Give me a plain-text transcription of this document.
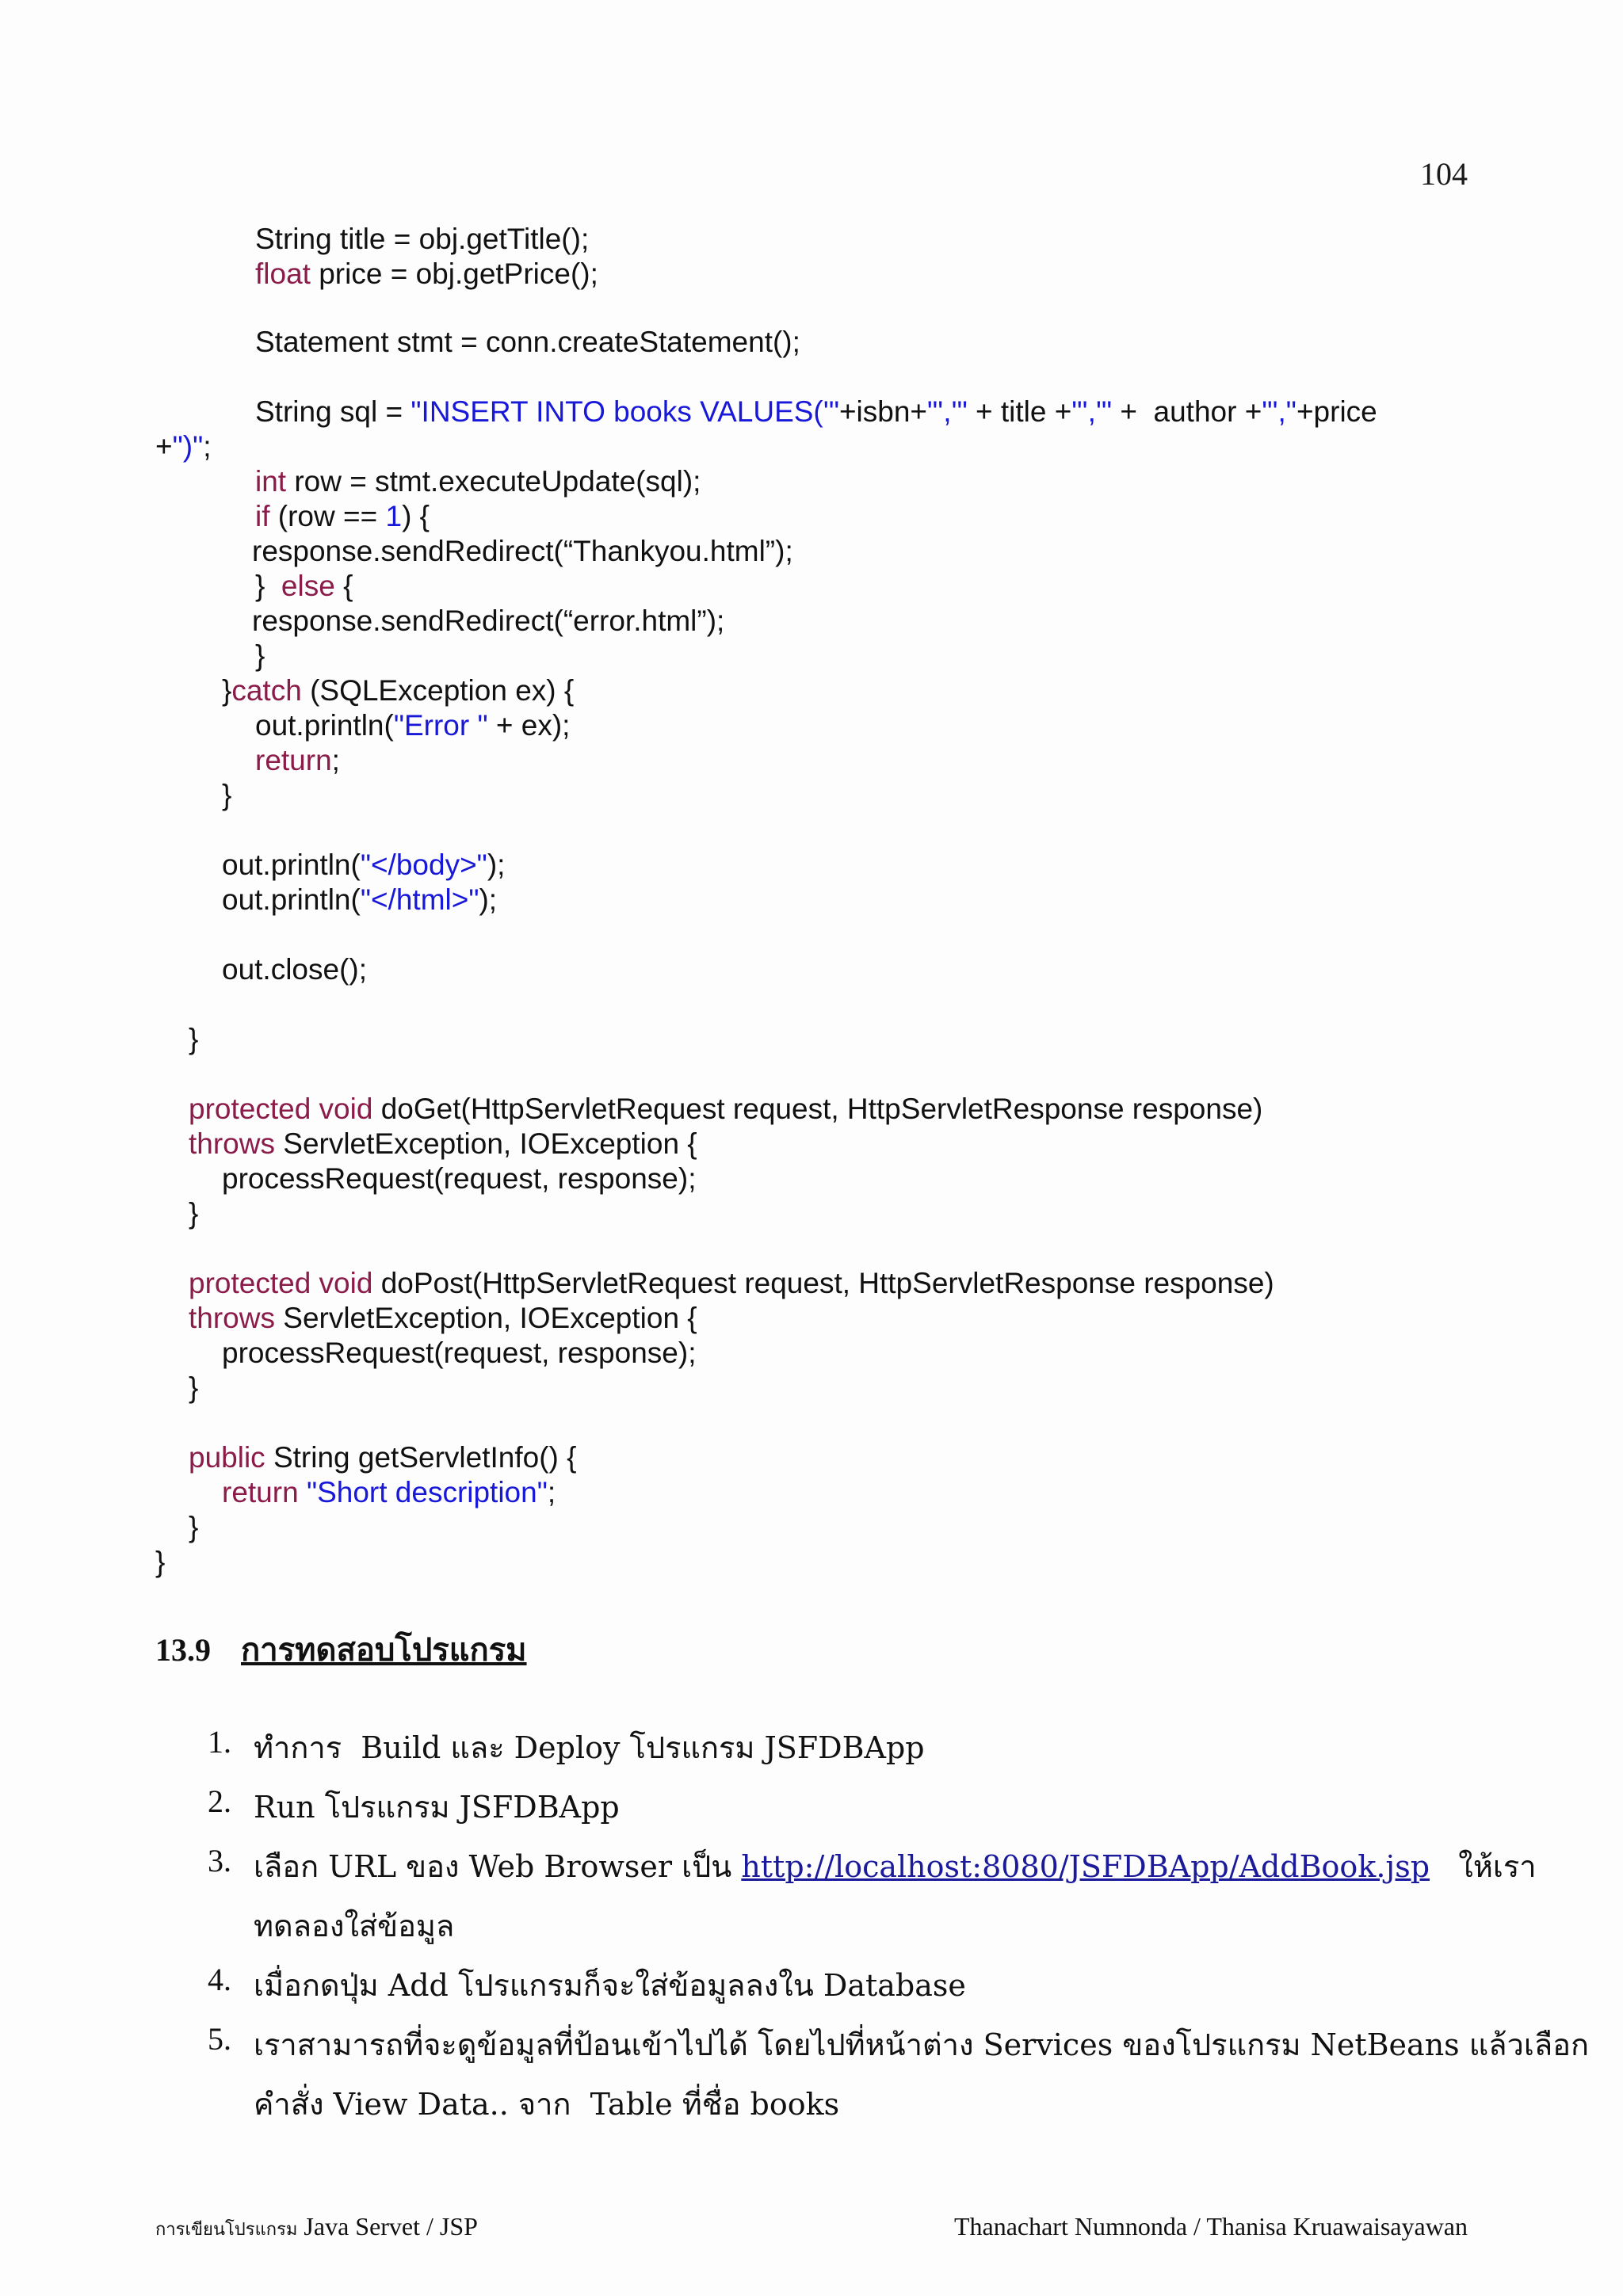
104
String title = obj.getTitle();
float price = obj.getPrice();
Statement stmt = conn.createStatement();
String sql = "INSERT INTO books VALUES('"+isbn+"','" + title +"','" +  author +"',"+price
+")";
int row = stmt.executeUpdate(sql);
if (row == 1) {
response.sendRedirect(“Thankyou.html”);
}  else {
response.sendRedirect(“error.html”);
}
}catch (SQLException ex) {
out.println("Error " + ex);
return;
}
out.println("</body>");
out.println("</html>");
out.close();
}
protected void doGet(HttpServletRequest request, HttpServletResponse response)
throws ServletException, IOException {
processRequest(request, response);
}
protected void doPost(HttpServletRequest request, HttpServletResponse response)
throws ServletException, IOException {
processRequest(request, response);
}
public String getServletInfo() {
return "Short description";
}
}
13.9 การทดสอบโปรแกรม
1. ทำการ  Build และ Deploy โปรแกรม JSFDBApp
2. Run โปรแกรม JSFDBApp
3. เลือก URL ของ Web Browser เป็น http://localhost:8080/JSFDBApp/AddBook.jsp   ให้เรา
ทดลองใส่ข้อมูล
4. เมื่อกดปุ่ม Add โปรแกรมก็จะใส่ข้อมูลลงใน Database
5. เราสามารถที่จะดูข้อมูลที่ป้อนเข้าไปได้ โดยไปที่หน้าต่าง Services ของโปรแกรม NetBeans แล้วเลือก
คำสั่ง View Data.. จาก  Table ที่ชื่อ books
การเขียนโปรแกรม Java Servet / JSP	Thanachart Numnonda / Thanisa Kruawaisayawan
